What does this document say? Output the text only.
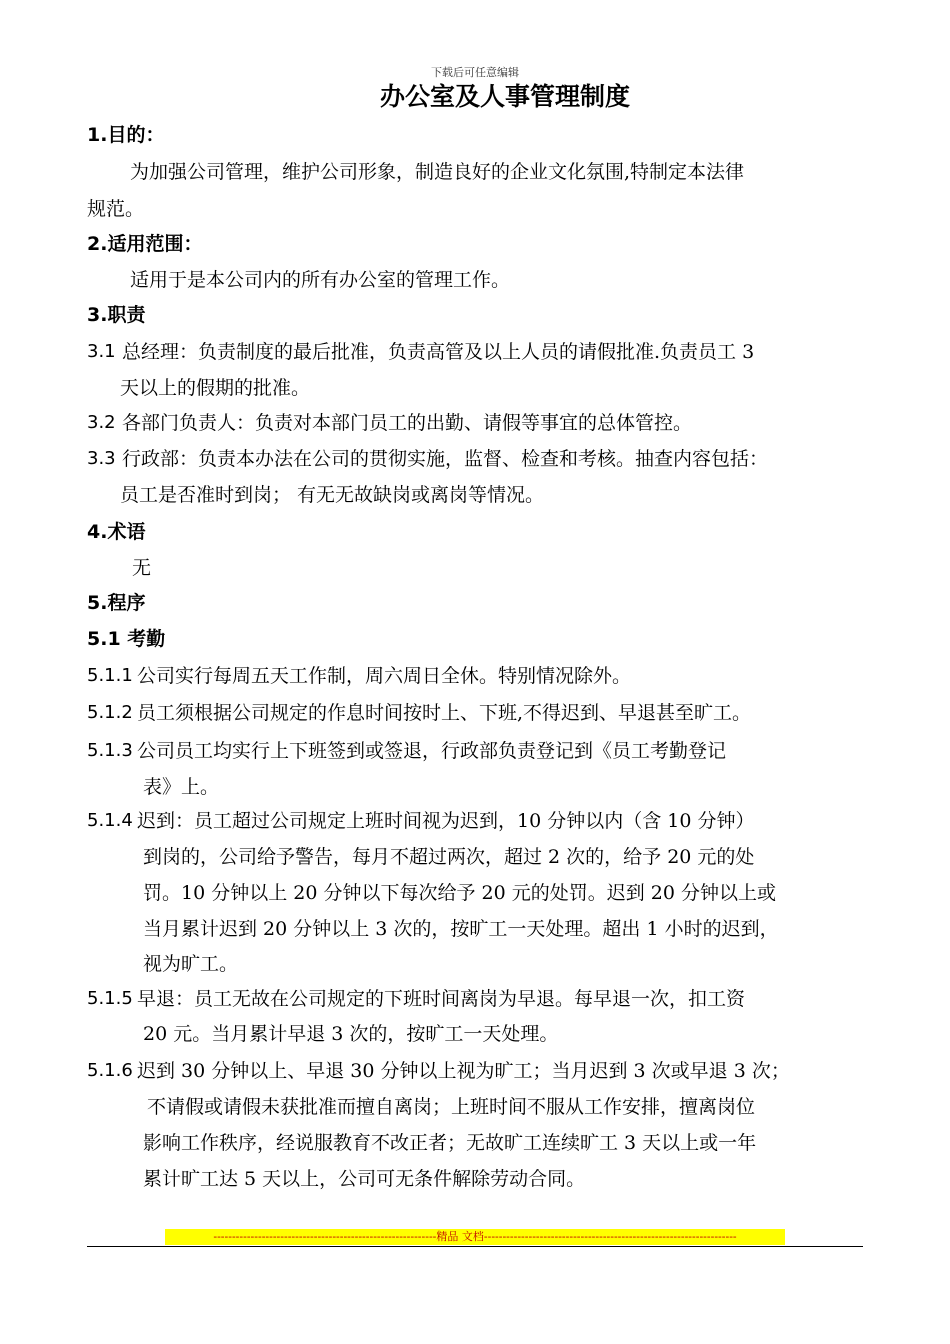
下载后可任意编辑
办公室及人事管理制度
1.目的：
为加强公司管理，维护公司形象，制造良好的企业文化氛围,特制定本法律
规范。
2.适用范围：
适用于是本公司内的所有办公室的管理工作。
3.职责
3.1 总经理：负责制度的最后批准，负责高管及以上人员的请假批准.负责员工 3
天以上的假期的批准。
3.2 各部门负责人：负责对本部门员工的出勤、请假等事宜的总体管控。
3.3 行政部：负责本办法在公司的贯彻实施，监督、检查和考核。抽查内容包括：
员工是否准时到岗； 有无无故缺岗或离岗等情况。
4.术语
无
5.程序
5.1 考勤
5.1.1 公司实行每周五天工作制，周六周日全休。特别情况除外。
5.1.2 员工须根据公司规定的作息时间按时上、下班,不得迟到、早退甚至旷工。
5.1.3 公司员工均实行上下班签到或签退，行政部负责登记到《员工考勤登记
表》上。
5.1.4 迟到：员工超过公司规定上班时间视为迟到，10 分钟以内（含 10 分钟）
到岗的，公司给予警告，每月不超过两次，超过 2 次的，给予 20 元的处
罚。10 分钟以上 20 分钟以下每次给予 20 元的处罚。迟到 20 分钟以上或
当月累计迟到 20 分钟以上 3 次的，按旷工一天处理。超出 1 小时的迟到，
视为旷工。
5.1.5 早退：员工无故在公司规定的下班时间离岗为早退。每早退一次，扣工资
20 元。当月累计早退 3 次的，按旷工一天处理。
5.1.6 迟到 30 分钟以上、早退 30 分钟以上视为旷工；当月迟到 3 次或早退 3 次；
不请假或请假未获批准而擅自离岗；上班时间不服从工作安排，擅离岗位
影响工作秩序，经说服教育不改正者；无故旷工连续旷工 3 天以上或一年
累计旷工达 5 天以上，公司可无条件解除劳动合同。
------------------------------------------------------------精品 文档--------------------------------------------------------------------
